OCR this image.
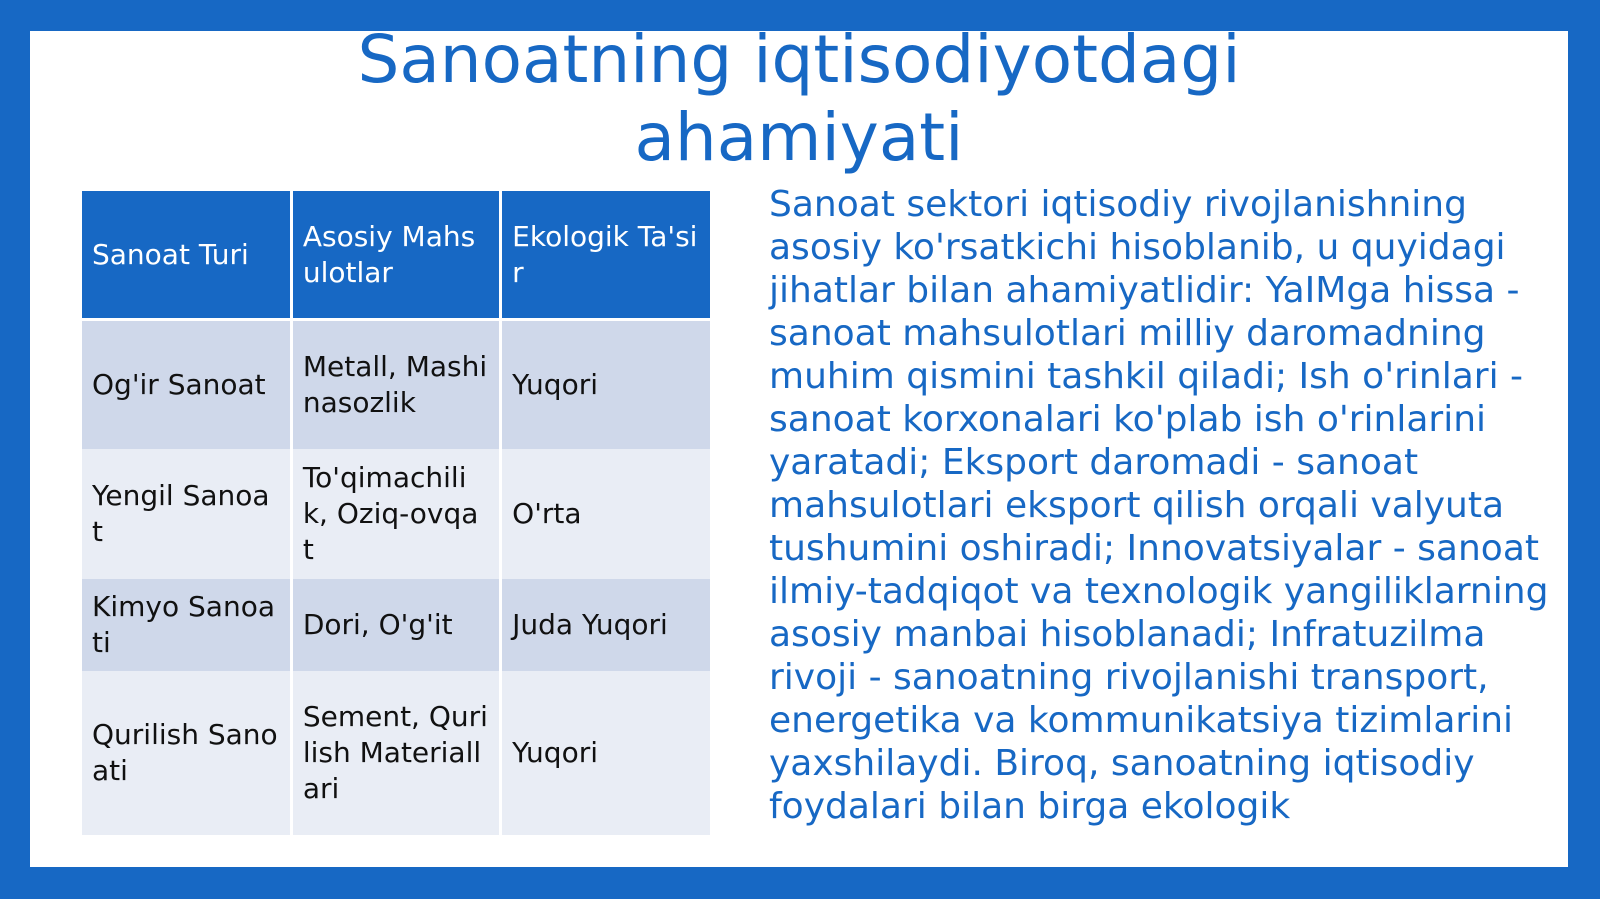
Sanoatning iqtisodiyotdagi
ahamiyati
Sanoat Turi	Asosiy Mahsulotlar	Ekologik Ta'sir
Og'ir Sanoat	Metall, Mashinasozlik	Yuqori
Yengil Sanoat	To'qimachilik, Oziq-ovqat	O'rta
Kimyo Sanoati	Dori, O'g'it	Juda Yuqori
Qurilish Sanoati	Sement, Qurilish Materiallari	Yuqori

Sanoat sektori iqtisodiy rivojlanishning asosiy ko'rsatkichi hisoblanib, u quyidagi jihatlar bilan ahamiyatlidir: YaIMga hissa - sanoat mahsulotlari milliy daromadning muhim qismini tashkil qiladi; Ish o'rinlari - sanoat korxonalari ko'plab ish o'rinlarini yaratadi; Eksport daromadi - sanoat mahsulotlari eksport qilish orqali valyuta tushumini oshiradi; Innovatsiyalar - sanoat ilmiy-tadqiqot va texnologik yangiliklarning asosiy manbai hisoblanadi; Infratuzilma rivoji - sanoatning rivojlanishi transport, energetika va kommunikatsiya tizimlarini yaxshilaydi. Biroq, sanoatning iqtisodiy foydalari bilan birga ekologik
